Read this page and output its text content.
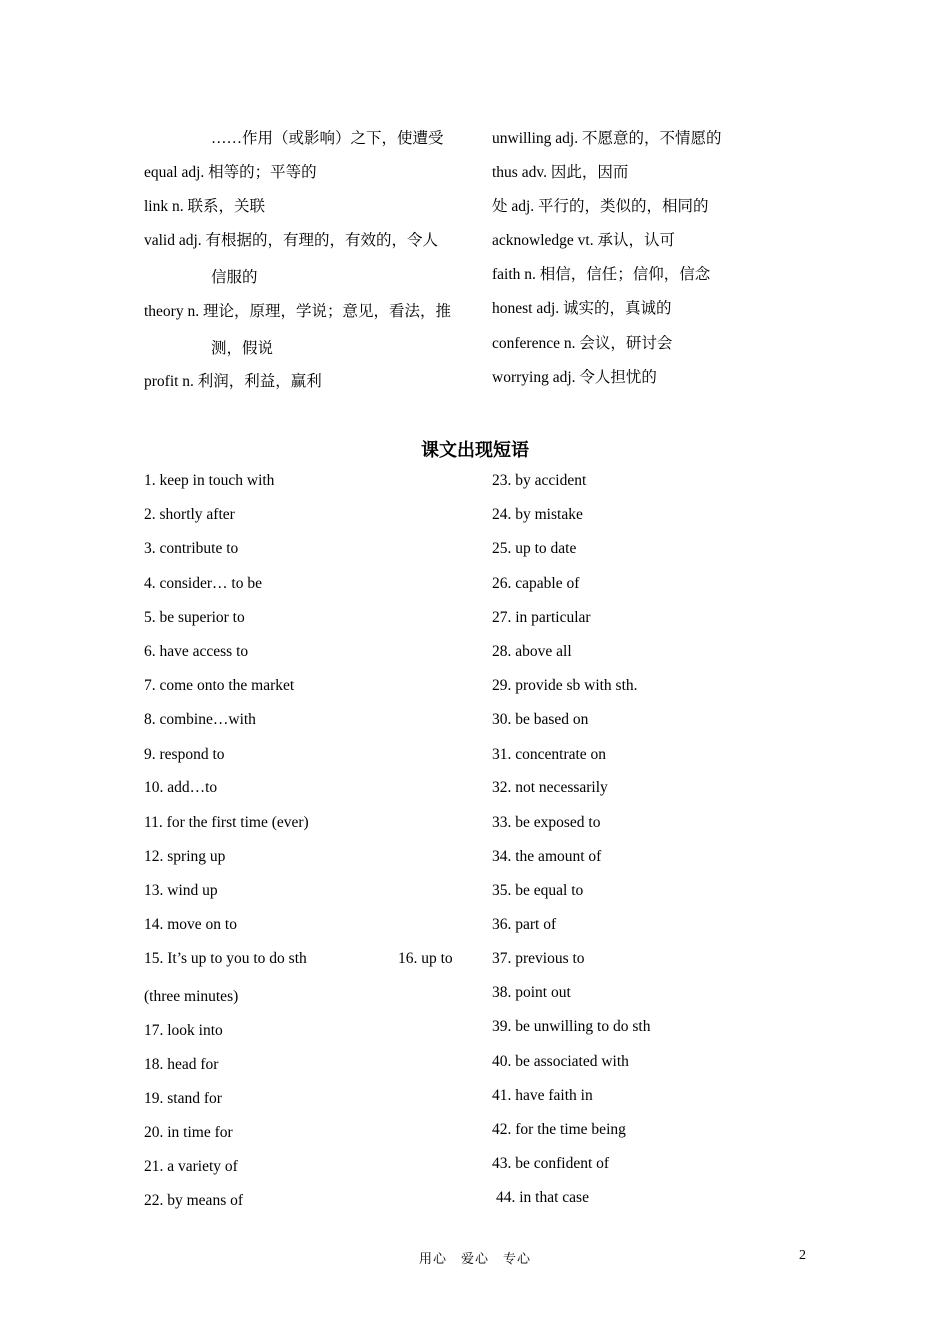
……作用（或影响）之下，使遭受
equal adj. 相等的；平等的
link n. 联系，关联
valid adj. 有根据的，有理的，有效的，令人
信服的
theory n. 理论，原理，学说；意见，看法，推
测，假说
profit n. 利润，利益，赢利
unwilling adj. 不愿意的，不情愿的
thus adv. 因此，因而
处 adj. 平行的，类似的，相同的
acknowledge vt. 承认，认可
faith n. 相信，信任；信仰，信念
honest adj. 诚实的，真诚的
conference n. 会议，研讨会
worrying adj. 令人担忧的
课文出现短语
1. keep in touch with
2. shortly after
3. contribute to
4. consider… to be
5. be superior to
6. have access to
7. come onto the market
8. combine…with
9. respond to
10. add…to
11. for the first time (ever)
12. spring up
13. wind up
14. move on to
15. It’s up to you to do sth	16. up to
(three minutes)
17. look into
18. head for
19. stand for
20. in time for
21. a variety of
22. by means of
23. by accident
24. by mistake
25. up to date
26. capable of
27. in particular
28. above all
29. provide sb with sth.
30. be based on
31. concentrate on
32. not necessarily
33. be exposed to
34. the amount of
35. be equal to
36. part of
37. previous to
38. point out
39. be unwilling to do sth
40. be associated with
41. have faith in
42. for the time being
43. be confident of
44. in that case
用心　爱心　专心	2
